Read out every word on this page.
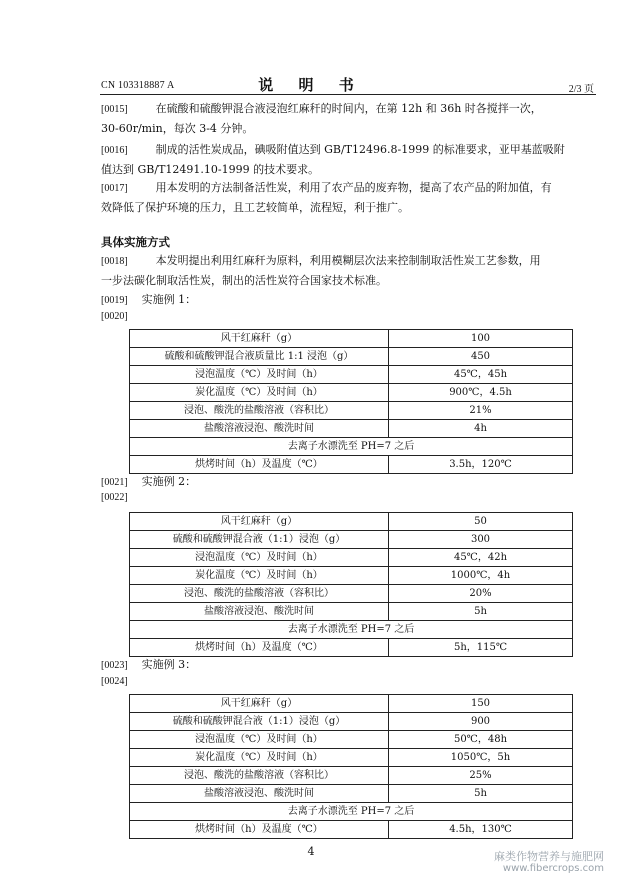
CN 103318887 A	说 明 书	2/3 页
[0015]        在硫酸和硫酸钾混合液浸泡红麻秆的时间内，在第 12h 和 36h 时各搅拌一次，
30-60r/min，每次 3-4 分钟。
[0016]        制成的活性炭成品，碘吸附值达到 GB/T12496.8-1999 的标准要求，亚甲基蓝吸附
值达到 GB/T12491.10-1999 的技术要求。
[0017]        用本发明的方法制备活性炭，利用了农产品的废弃物，提高了农产品的附加值，有
效降低了保护环境的压力，且工艺较简单，流程短，利于推广。
具体实施方式
[0018]        本发明提出利用红麻秆为原料，利用模糊层次法来控制制取活性炭工艺参数，用
一步法碳化制取活性炭，制出的活性炭符合国家技术标准。
[0019]    实施例 1：
[0020]
风干红麻秆（g）	100
硫酸和硫酸钾混合液质量比 1:1 浸泡（g）	450
浸泡温度（℃）及时间（h）	45℃，45h
炭化温度（℃）及时间（h）	900℃，4.5h
浸泡、酸洗的盐酸溶液（容积比）	21%
盐酸溶液浸泡、酸洗时间	4h
去离子水漂洗至 PH=7 之后	
烘烤时间（h）及温度（℃）	3.5h，120℃
[0021]    实施例 2：
[0022]
风干红麻秆（g）	50
硫酸和硫酸钾混合液（1:1）浸泡（g）	300
浸泡温度（℃）及时间（h）	45℃，42h
炭化温度（℃）及时间（h）	1000℃，4h
浸泡、酸洗的盐酸溶液（容积比）	20%
盐酸溶液浸泡、酸洗时间	5h
去离子水漂洗至 PH=7 之后	
烘烤时间（h）及温度（℃）	5h，115℃
[0023]    实施例 3：
[0024]
风干红麻秆（g）	150
硫酸和硫酸钾混合液（1:1）浸泡（g）	900
浸泡温度（℃）及时间（h）	50℃，48h
炭化温度（℃）及时间（h）	1050℃，5h
浸泡、酸洗的盐酸溶液（容积比）	25%
盐酸溶液浸泡、酸洗时间	5h
去离子水漂洗至 PH=7 之后	
烘烤时间（h）及温度（℃）	4.5h，130℃
4	麻类作物营养与施肥网
www.fibercrops.com
